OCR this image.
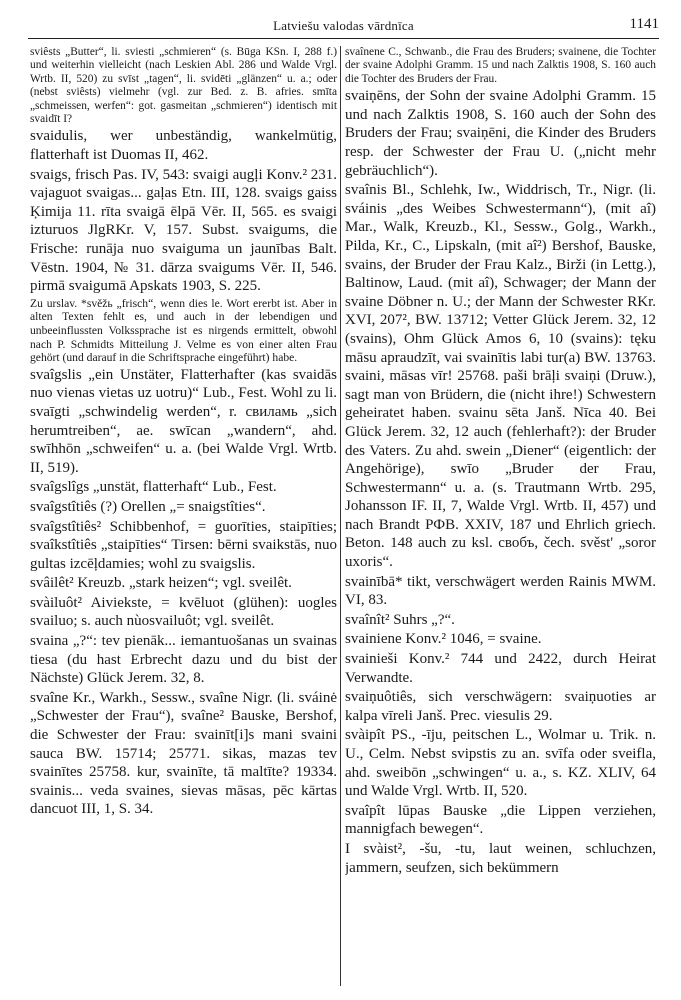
Latviešu valodas vārdnīca	1141

sviêsts „Butter“, li. sviesti „schmieren“ (s. Būga KSn. I, 288 f.) und weiterhin vielleicht (nach Leskien Abl. 286 und Walde Vrgl. Wrtb. II, 520) zu svīst „tagen“, li. svidēti „glänzen“ u. a.; oder (nebst sviêsts) vielmehr (vgl. zur Bed. z. B. afries. smīta „schmeissen, werfen“: got. gasmeitan „schmieren“) identisch mit svaidīt I?

svaidulis, wer unbeständig, wankelmütig, flatterhaft ist Duomas II, 462.

svaigs, frisch Pas. IV, 543: svaigi augļi Konv.² 231. vajaguot svaigas... gaļas Etn. III, 128. svaigs gaiss Ķimija 11. rīta svaigā ēlpā Vēr. II, 565. es svaigi izturuos JlgRKr. V, 157. Subst. svaigums, die Frische: runāja nuo svaiguma un jaunības Balt. Vēstn. 1904, № 31. dārza svaigums Vēr. II, 546. pirmā svaigumā Apskats 1903, S. 225.

Zu urslav. *svěžь „frisch“, wenn dies le. Wort ererbt ist. Aber in alten Texten fehlt es, und auch in der lebendigen und unbeeinflussten Volkssprache ist es nirgends ermittelt, obwohl nach P. Schmidts Mitteilung J. Velme es von einer alten Frau gehört (und darauf in die Schriftsprache eingeführt) habe.

svaîgslis „ein Unstäter, Flatterhafter (kas svaidās nuo vienas vietas uz uotru)“ Lub., Fest. Wohl zu li. svaīgti „schwindelig werden“, r. свиламь „sich herumtreiben“, ae. swīcan „wandern“, ahd. swīhhōn „schweifen“ u. a. (bei Walde Vrgl. Wrtb. II, 519).

svaîgslîgs „unstät, flatterhaft“ Lub., Fest.

svaîgstîtiês (?) Orellen „= snaigstîties“.

svaîgstîtiês² Schibbenhof, = guorīties, staipīties; svaîkstîtiês „staipīties“ Tirsen: bērni svaikstās, nuo gultas izcēļdamies; wohl zu svaigslis.

svâilêt² Kreuzb. „stark heizen“; vgl. sveilêt.

svàiluôt² Aiviekste, = kvēluot (glühen): uogles svailuo; s. auch nùosvailuôt; vgl. sveilêt.

svaina „?“: tev pienāk... iemantuošanas un svainas tiesa (du hast Erbrecht dazu und du bist der Nächste) Glück Jerem. 32, 8.

svaîne Kr., Warkh., Sessw., svaîne Nigr. (li. sváinė „Schwester der Frau“), svaîne² Bauske, Bershof, die Schwester der Frau: svainīt[i]s mani svaini sauca BW. 15714; 25771. sikas, mazas tev svainītes 25758. kur, svainīte, tā maltīte? 19334. svainis... veda svaines, sievas māsas, pēc kārtas dancuot III, 1, S. 34.

svaînene C., Schwanb., die Frau des Bruders; svainene, die Tochter der svaine Adolphi Gramm. 15 und nach Zalktis 1908, S. 160 auch die Tochter des Bruders der Frau.

svaiņēns, der Sohn der svaine Adolphi Gramm. 15 und nach Zalktis 1908, S. 160 auch der Sohn des Bruders der Frau; svaiņēni, die Kinder des Bruders resp. der Schwester der Frau U. („nicht mehr gebräuchlich“).

svaînis Bl., Schlehk, Iw., Widdrisch, Tr., Nigr. (li. sváinis „des Weibes Schwestermann“), (mit aî) Mar., Walk, Kreuzb., Kl., Sessw., Golg., Warkh., Pilda, Kr., C., Lipskaln, (mit aî²) Bershof, Bauske, svains, der Bruder der Frau Kalz., Birži (in Lettg.), Baltinow, Laud. (mit aî), Schwager; der Mann der svaine Döbner n. U.; der Mann der Schwester RKr. XVI, 207², BW. 13712; Vetter Glück Jerem. 32, 12 (svains), Ohm Glück Amos 6, 10 (svains): tęku māsu apraudzīt, vai svainītis labi tur(a) BW. 13763. svaini, māsas vīr! 25768. paši brāļi svaiņi (Druw.), sagt man von Brüdern, die (nicht ihre!) Schwestern geheiratet haben. svainu sēta Janš. Nīca 40. Bei Glück Jerem. 32, 12 auch (fehlerhaft?): der Bruder des Vaters. Zu ahd. swein „Diener“ (eigentlich: der Angehörige), swīo „Bruder der Frau, Schwestermann“ u. a. (s. Trautmann Wrtb. 295, Johansson IF. II, 7, Walde Vrgl. Wrtb. II, 457) und nach Brandt РФВ. XXIV, 187 und Ehrlich griech. Beton. 148 auch zu ksl. свобъ, čech. svěst' „soror uxoris“.

svainībā* tikt, verschwägert werden Rainis MWM. VI, 83.

svaînît² Suhrs „?“.

svainiene Konv.² 1046, = svaine.

svainieši Konv.² 744 und 2422, durch Heirat Verwandte.

svaiņuôtiês, sich verschwägern: svaiņuoties ar kalpa vīreli Janš. Prec. viesulis 29.

svàipît PS., -īju, peitschen L., Wolmar u. Trik. n. U., Celm. Nebst svipstis zu an. svīfa oder sveifla, ahd. sweibōn „schwingen“ u. a., s. KZ. XLIV, 64 und Walde Vrgl. Wrtb. II, 520.

svaîpît lūpas Bauske „die Lippen verziehen, mannigfach bewegen“.

I svàist², -šu, -tu, laut weinen, schluchzen, jammern, seufzen, sich bekümmern
